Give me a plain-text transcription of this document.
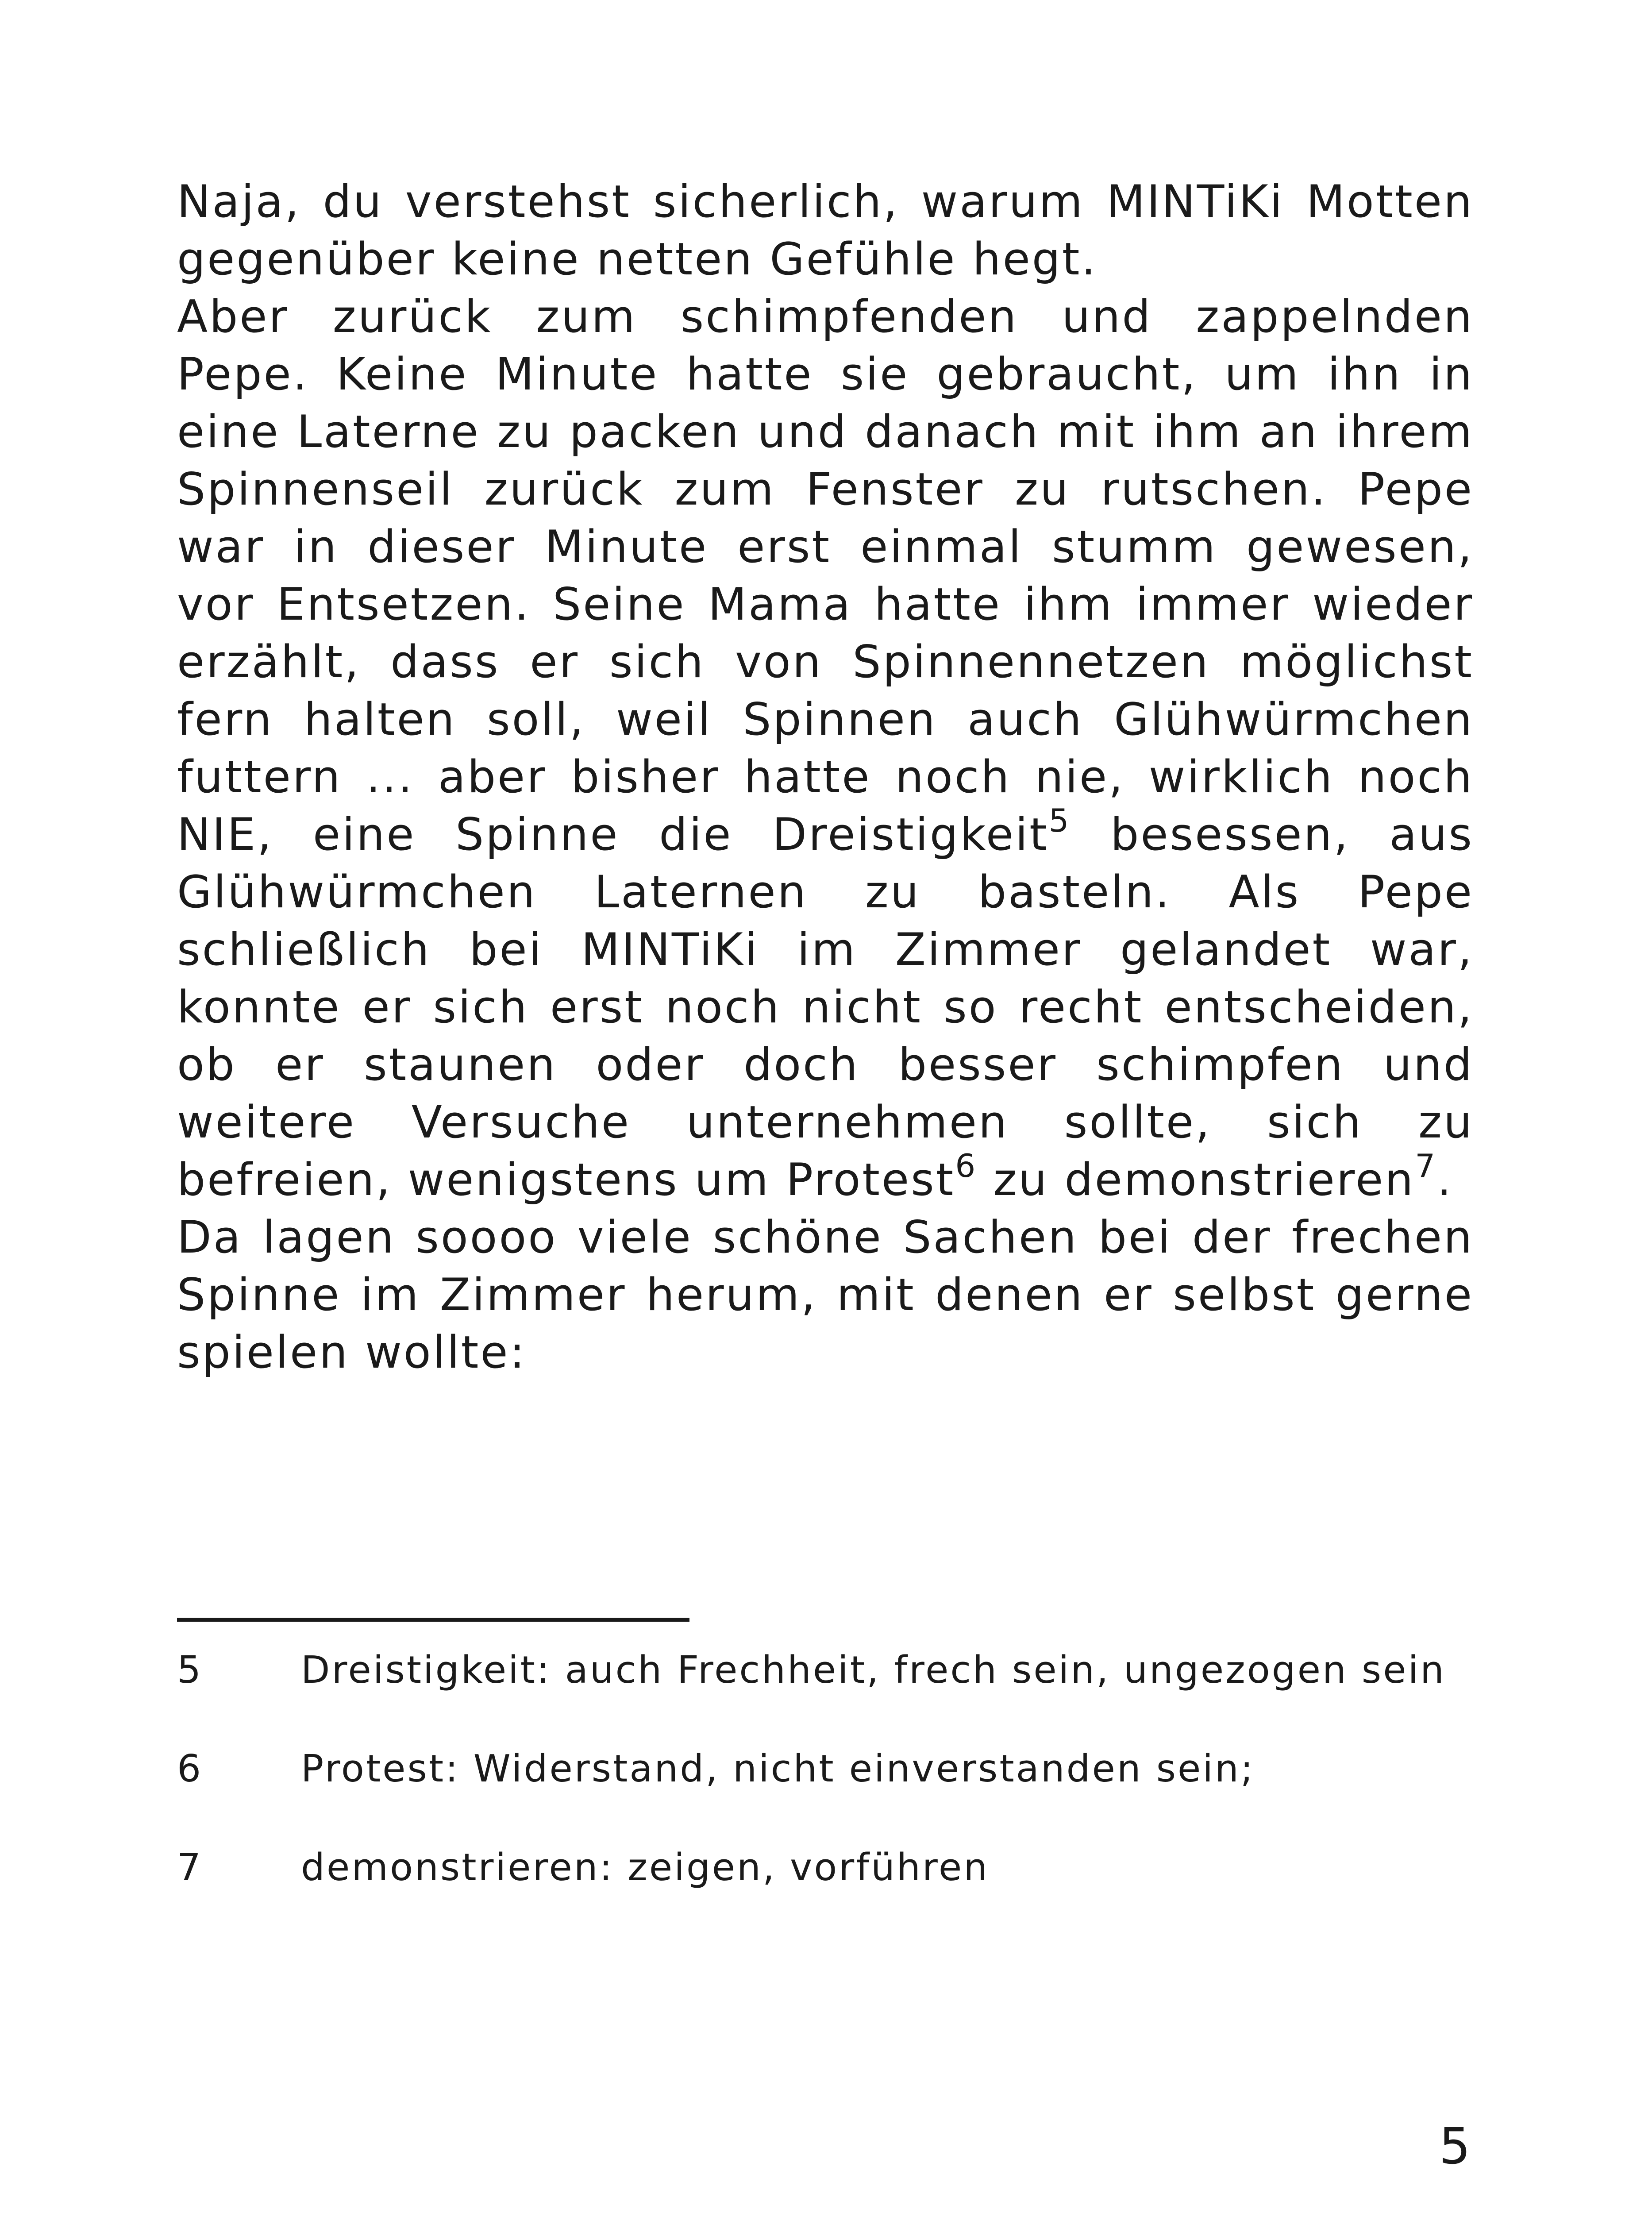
Naja, du verstehst sicherlich, warum MINTiKi Motten gegenüber keine netten Gefühle hegt.

Aber zurück zum schimpfenden und zappelnden Pepe. Keine Minute hatte sie gebraucht, um ihn in eine Laterne zu packen und danach mit ihm an ihrem Spinnenseil zurück zum Fenster zu rutschen. Pepe war in dieser Minute erst einmal stumm gewesen, vor Entsetzen. Seine Mama hatte ihm immer wieder erzählt, dass er sich von Spinnennetzen möglichst fern halten soll, weil Spinnen auch Glühwürmchen futtern ... aber bisher hatte noch nie, wirklich noch NIE, eine Spinne die Dreistigkeit$^5$ besessen, aus Glühwürmchen Laternen zu basteln. Als Pepe schließlich bei MINTiKi im Zimmer gelandet war, konnte er sich erst noch nicht so recht entscheiden, ob er staunen oder doch besser schimpfen und weitere Versuche unternehmen sollte, sich zu befreien, wenigstens um Protest$^6$ zu demonstrieren$^7$.

Da lagen soooo viele schöne Sachen bei der frechen Spinne im Zimmer herum, mit denen er selbst gerne spielen wollte:

5	Dreistigkeit: auch Frechheit, frech sein, ungezogen sein
6	Protest: Widerstand, nicht einverstanden sein;
7	demonstrieren: zeigen, vorführen
5
